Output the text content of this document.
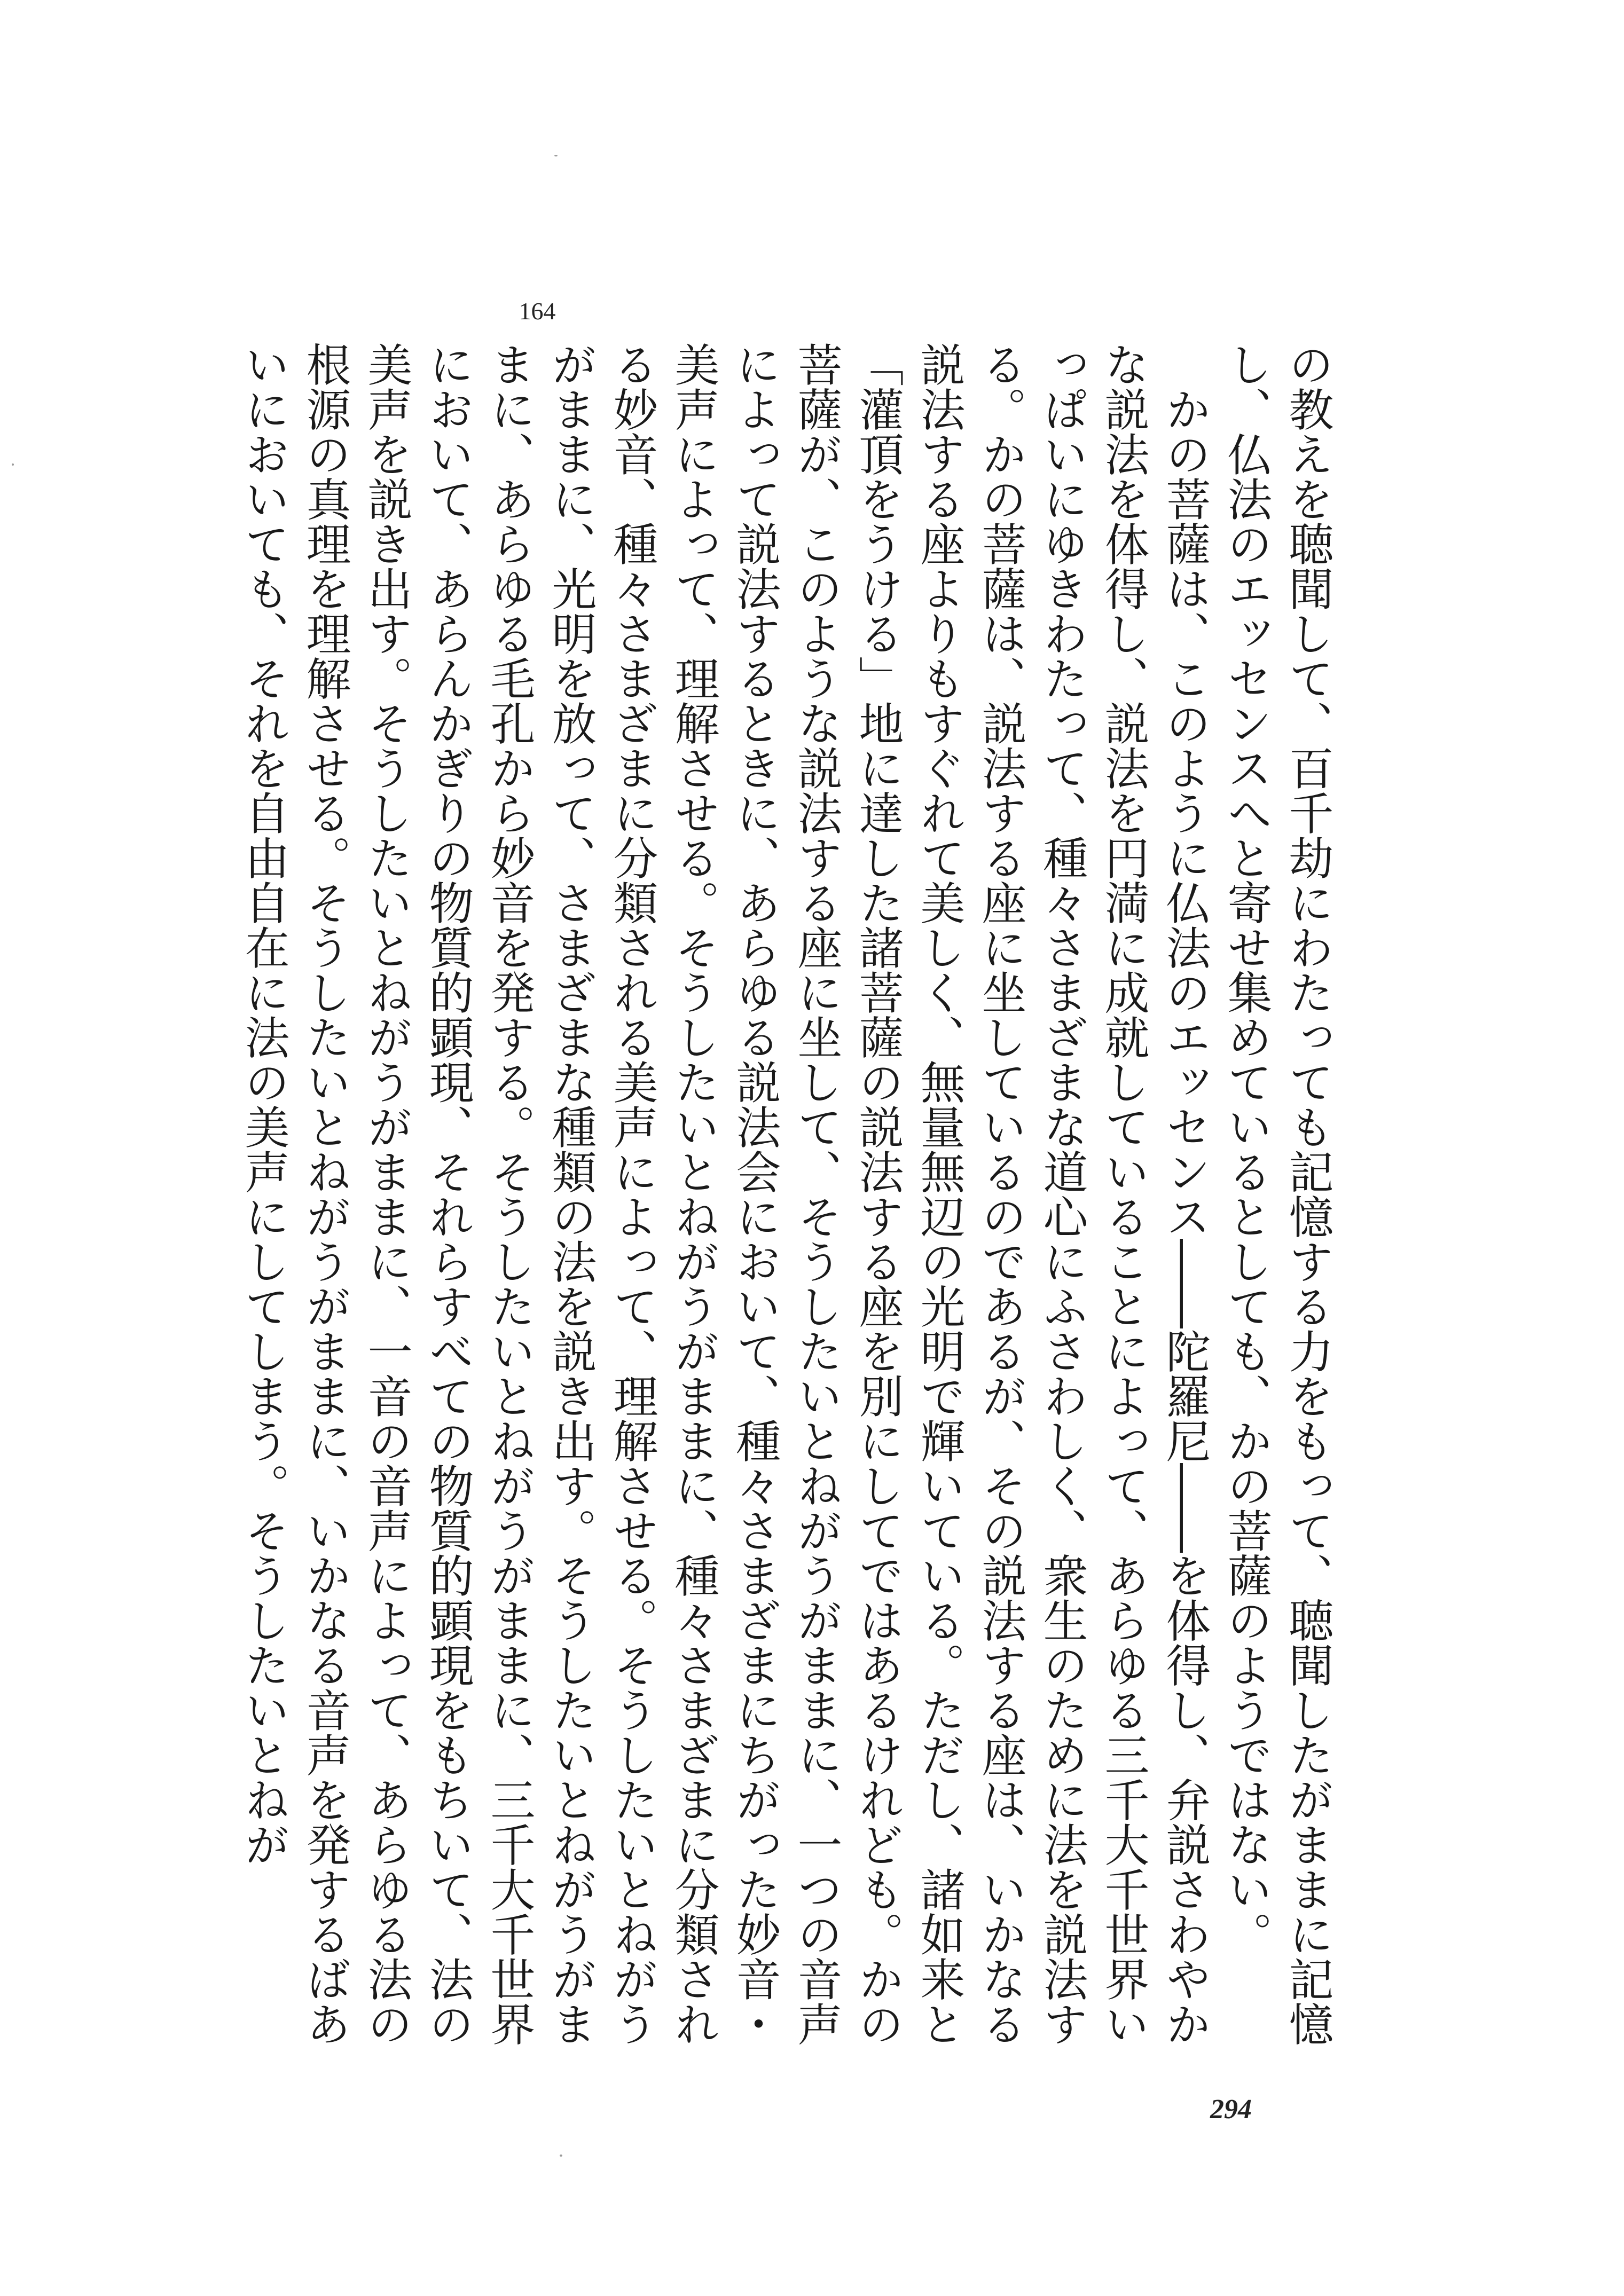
164

の教えを聴聞して、百千劫にわたっても記憶する力をもって、聴聞したがままに記憶し、仏法のエッセンスへと寄せ集めているとしても、かの菩薩のようではない。

かの菩薩は、このように仏法のエッセンス――陀羅尼――を体得し、弁説さわやかな説法を体得し、説法を円満に成就していることによって、あらゆる三千大千世界いっぱいにゆきわたって、種々さまざまな道心にふさわしく、衆生のために法を説法する。かの菩薩は、説法する座に坐しているのであるが、その説法する座は、いかなる説法する座よりもすぐれて美しく、無量無辺の光明で輝いている。ただし、諸如来と「灌頂をうける」地に達した諸菩薩の説法する座を別にしてではあるけれども。かの菩薩が、このような説法する座に坐して、そうしたいとねがうがままに、一つの音声によって説法するときに、あらゆる説法会において、種々さまざまにちがった妙音・美声によって、理解させる。そうしたいとねがうがままに、種々さまざまに分類される妙音、種々さまざまに分類される美声によって、理解させる。そうしたいとねがうがままに、光明を放って、さまざまな種類の法を説き出す。そうしたいとねがうがままに、あらゆる毛孔から妙音を発する。そうしたいとねがうがままに、三千大千世界において、あらんかぎりの物質的顕現、それらすべての物質的顕現をもちいて、法の美声を説き出す。そうしたいとねがうがままに、一音の音声によって、あらゆる法の根源の真理を理解させる。そうしたいとねがうがままに、いかなる音声を発するばあいにおいても、それを自由自在に法の美声にしてしまう。そうしたいとねが

294
